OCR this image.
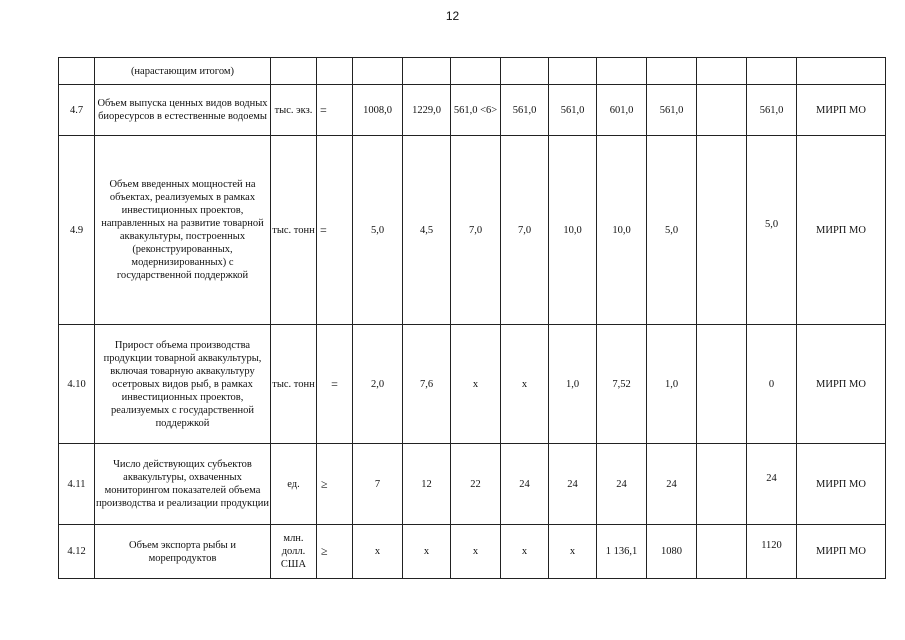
12
	(нарастающим итогом)												
4.7	Объем выпуска ценных видов водных биоресурсов в естественные водоемы	тыс. экз.	=	1008,0	1229,0	561,0 <6>	561,0	561,0	601,0	561,0		561,0	МИРП МО
4.9	Объем введенных мощностей на объектах, реализуемых в рамках инвестиционных проектов, направленных на развитие товарной аквакультуры, построенных (реконструированных, модернизированных) с государственной поддержкой	тыс. тонн	=	5,0	4,5	7,0	7,0	10,0	10,0	5,0		5,0	МИРП МО
4.10	Прирост объема производства продукции товарной аквакультуры, включая товарную аквакультуру осетровых видов рыб, в рамках инвестиционных проектов, реализуемых с государственной поддержкой	тыс. тонн	=	2,0	7,6	х	х	1,0	7,52	1,0		0	МИРП МО
4.11	Число действующих субъектов аквакультуры, охваченных мониторингом показателей объема производства и реализации продукции	ед.	≥	7	12	22	24	24	24	24		24	МИРП МО
4.12	Объем экспорта рыбы и морепродуктов	млн. долл. США	≥	х	х	х	х	х	1 136,1	1080		1120	МИРП МО
